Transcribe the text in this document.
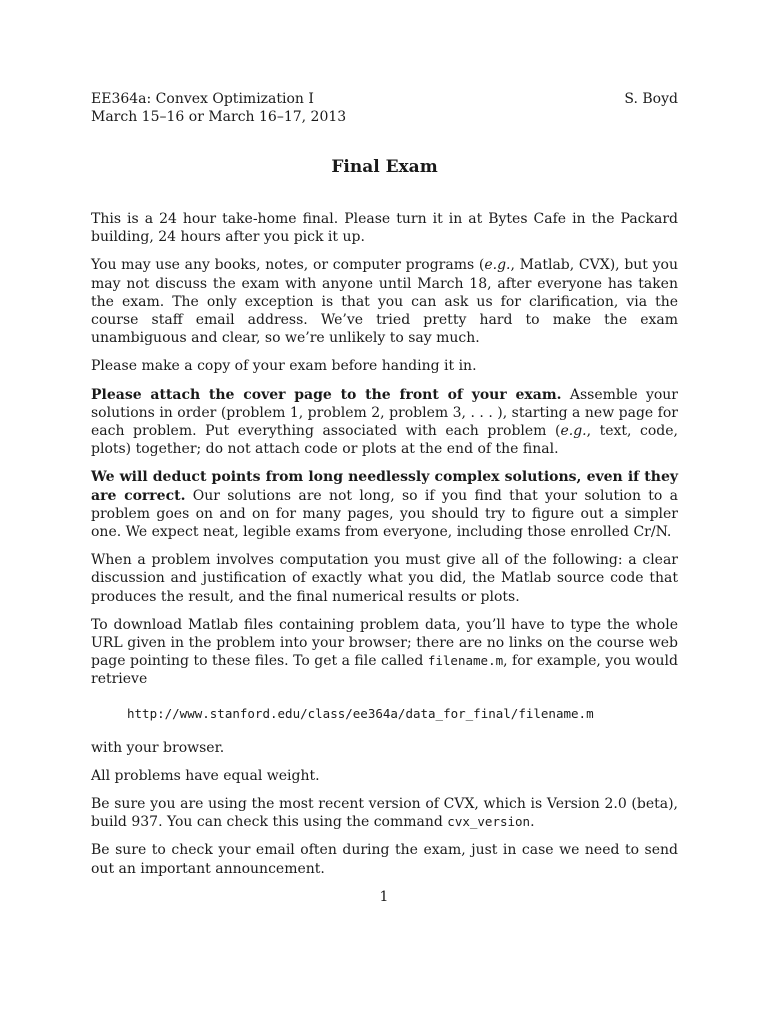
EE364a: Convex Optimization I
March 15–16 or March 16–17, 2013
S. Boyd
Final Exam

This is a 24 hour take-home final. Please turn it in at Bytes Cafe in the Packard building, 24 hours after you pick it up.

You may use any books, notes, or computer programs (e.g., Matlab, CVX), but you may not discuss the exam with anyone until March 18, after everyone has taken the exam. The only exception is that you can ask us for clarification, via the course staff email address. We’ve tried pretty hard to make the exam unambiguous and clear, so we’re unlikely to say much.

Please make a copy of your exam before handing it in.

Please attach the cover page to the front of your exam. Assemble your solutions in order (problem 1, problem 2, problem 3, . . . ), starting a new page for each problem. Put everything associated with each problem (e.g., text, code, plots) together; do not attach code or plots at the end of the final.

We will deduct points from long needlessly complex solutions, even if they are correct. Our solutions are not long, so if you find that your solution to a problem goes on and on for many pages, you should try to figure out a simpler one. We expect neat, legible exams from everyone, including those enrolled Cr/N.

When a problem involves computation you must give all of the following: a clear discussion and justification of exactly what you did, the Matlab source code that produces the result, and the final numerical results or plots.

To download Matlab files containing problem data, you’ll have to type the whole URL given in the problem into your browser; there are no links on the course web page pointing to these files. To get a file called filename.m, for example, you would retrieve

http://www.stanford.edu/class/ee364a/data_for_final/filename.m

with your browser.

All problems have equal weight.

Be sure you are using the most recent version of CVX, which is Version 2.0 (beta), build 937. You can check this using the command cvx_version.

Be sure to check your email often during the exam, just in case we need to send out an important announcement.

1
